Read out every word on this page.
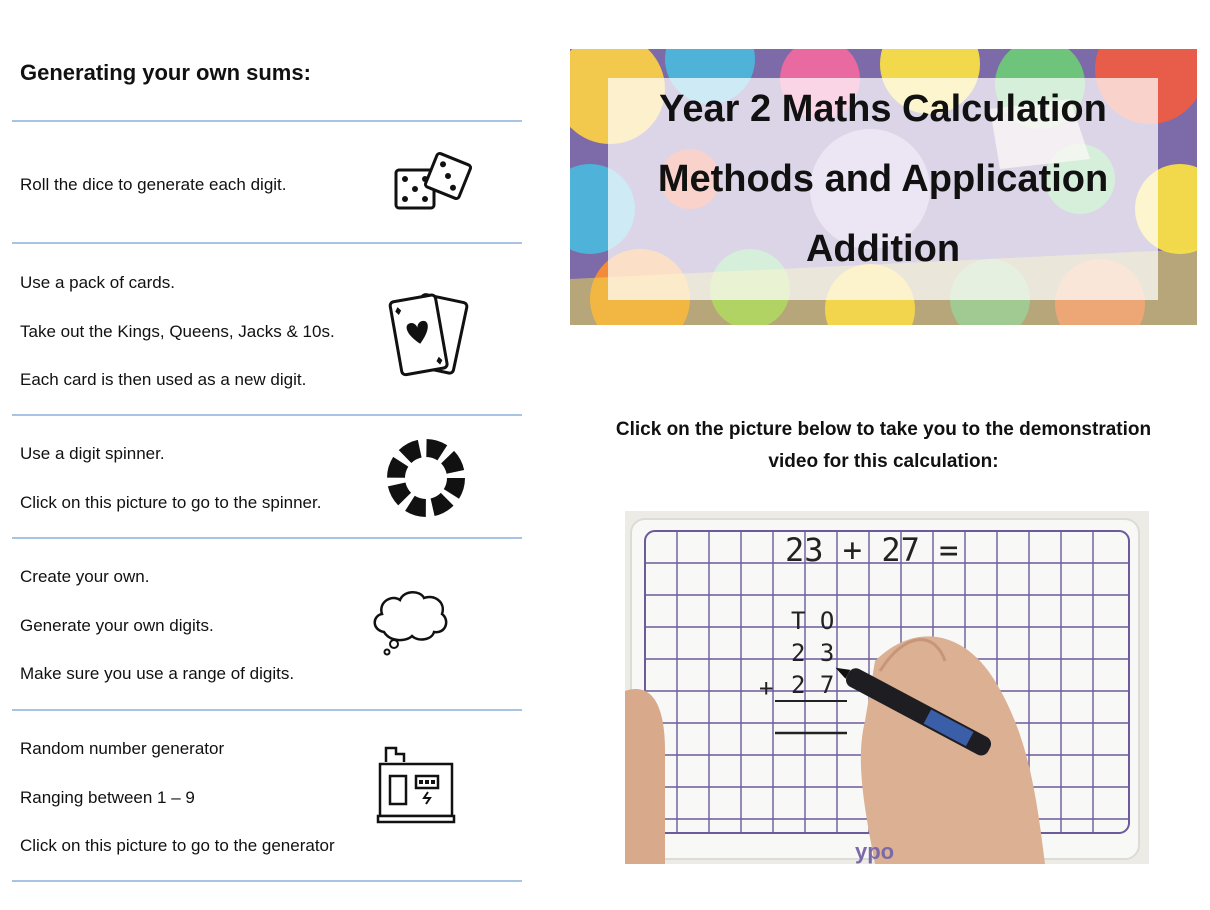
Generating your own sums:

Roll the dice to generate each digit.

Use a pack of cards.

Take out the Kings, Queens, Jacks & 10s.

Each card is then used as a new digit.

Use a digit spinner.

Click on this picture to go to the spinner.

Create your own.

Generate your own digits.

Make sure you use a range of digits.

Random number generator

Ranging between 1 – 9

Click on this picture to go to the generator

Year 2 Maths Calculation
Methods and Application
Addition

Click on the picture below to take you to the demonstration

video for this calculation:

23 + 27 =
T O
2 3
+ 2 7
ypo
